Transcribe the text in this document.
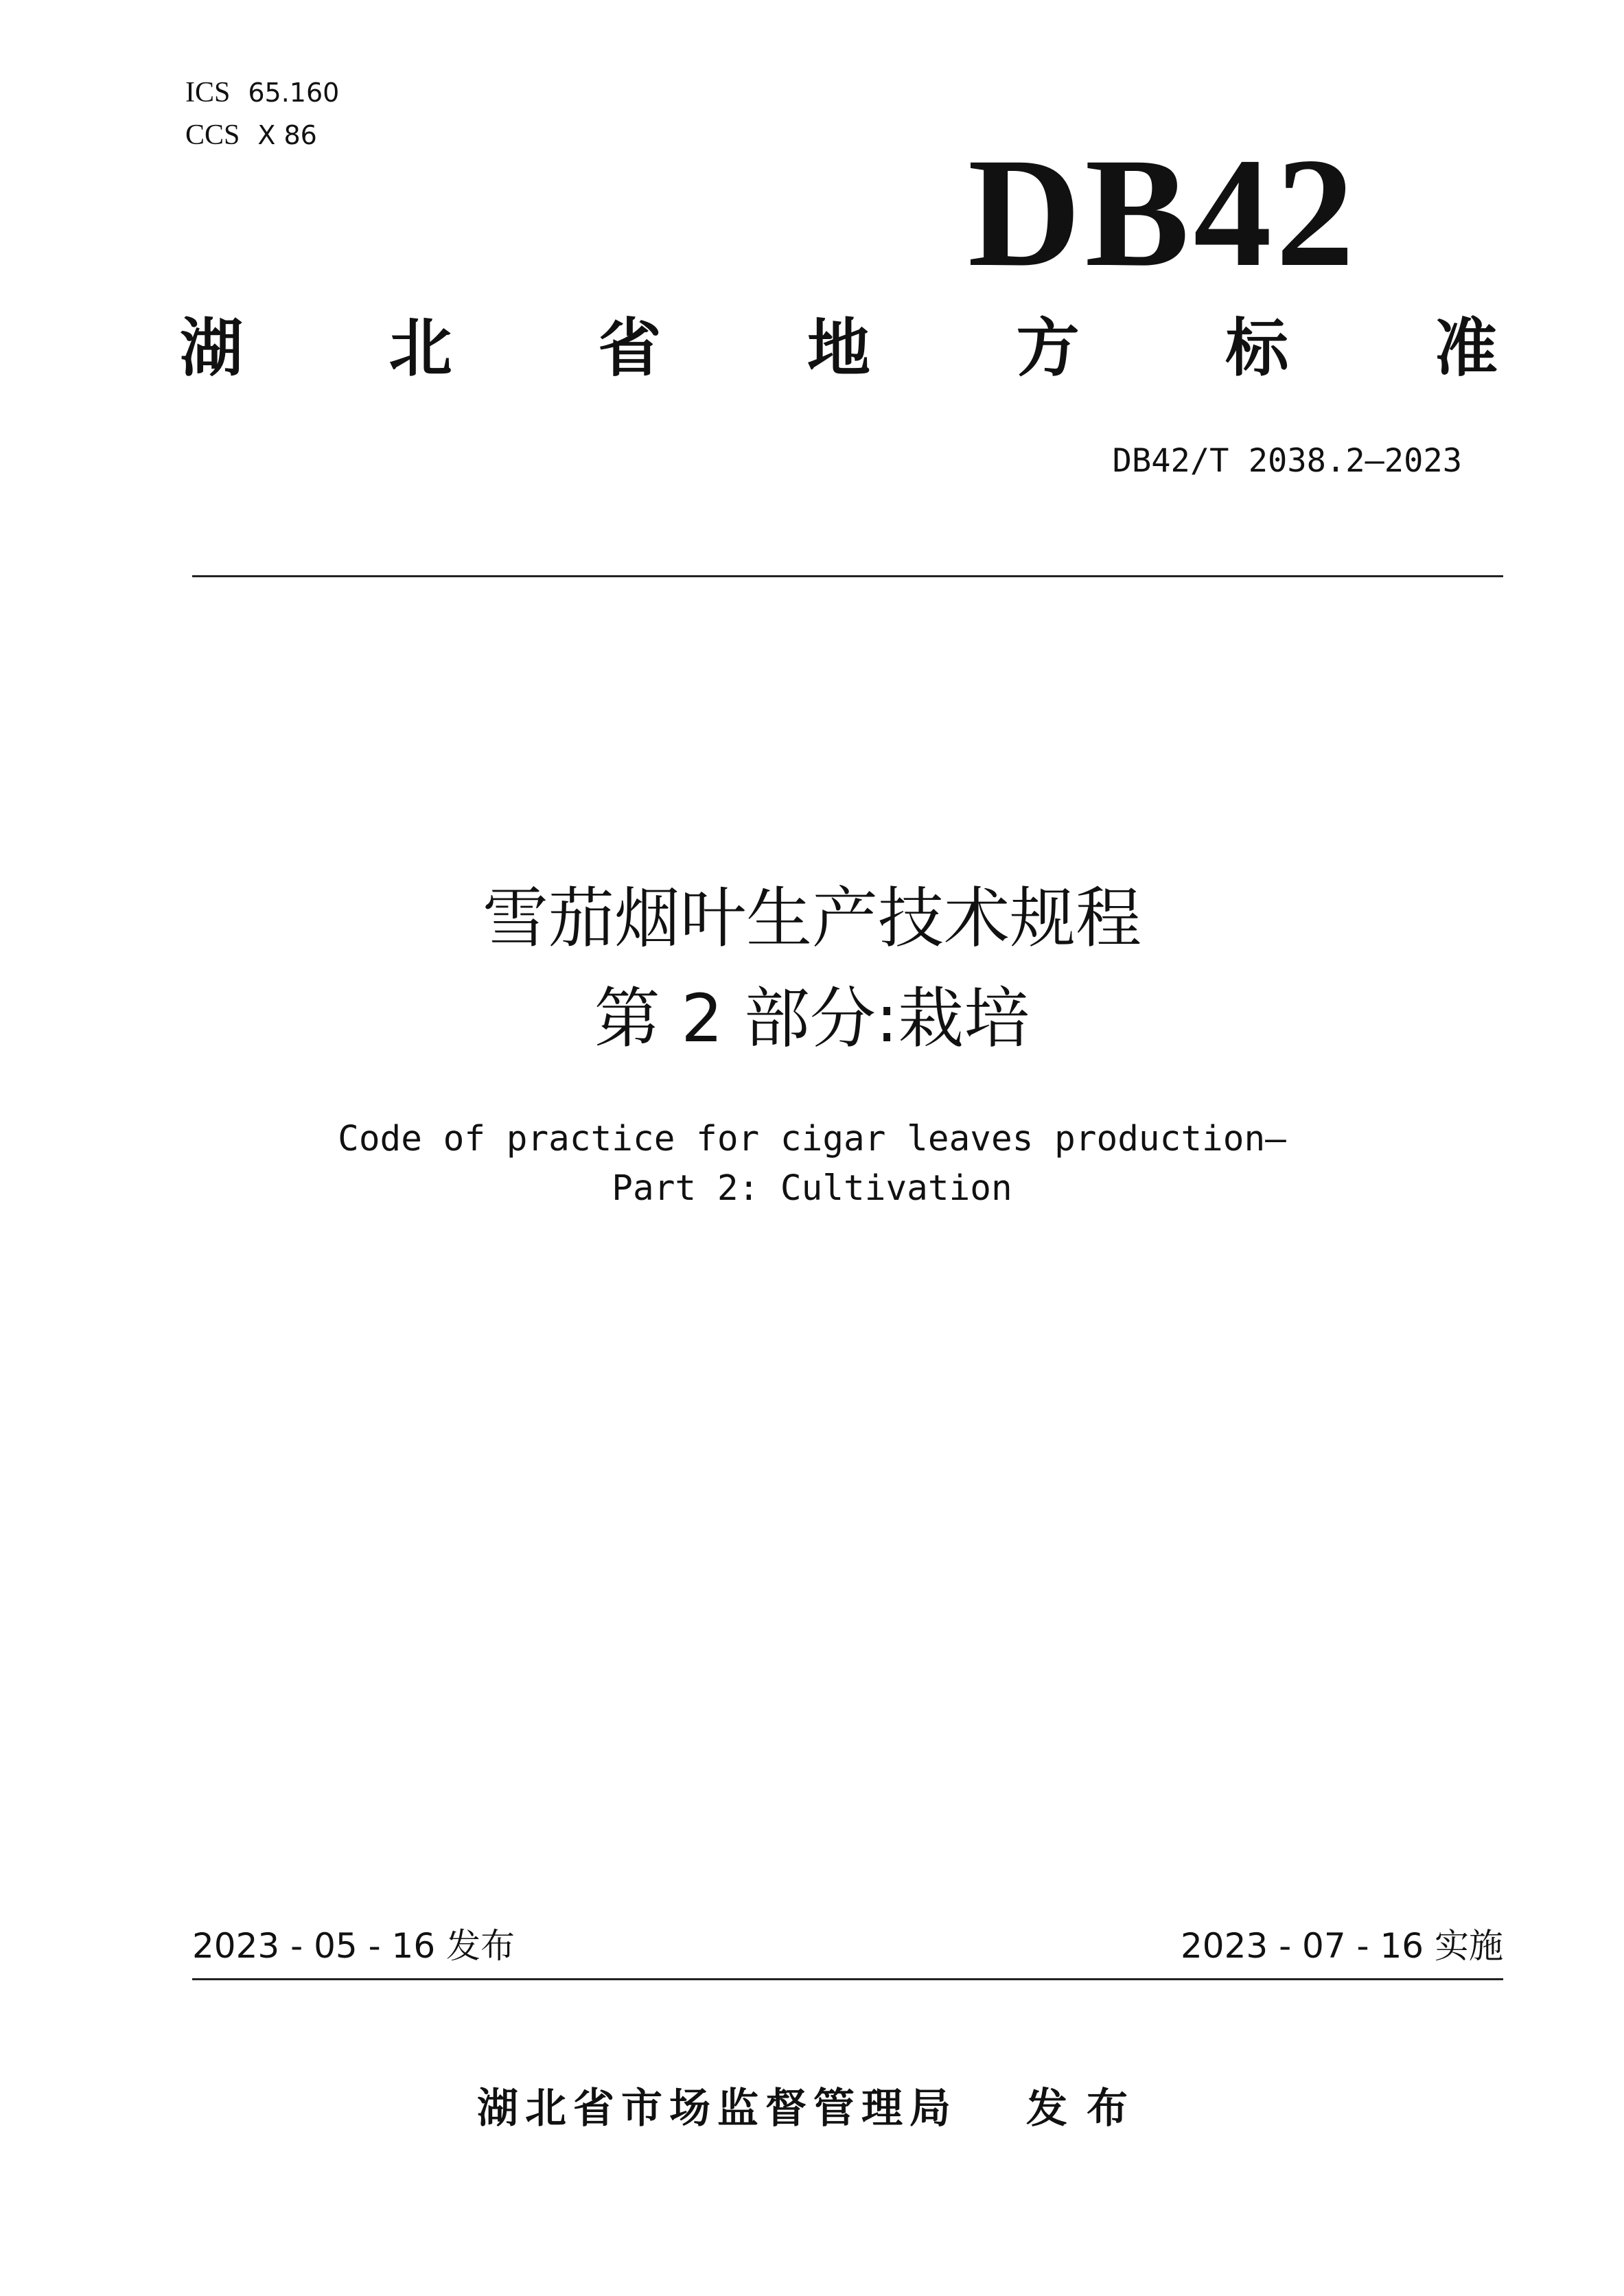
ICS 65.160
CCS X 86	DB42
湖 北 省 地 方 标 准
DB42/T 2038.2—2023
雪茄烟叶生产技术规程
第 2 部分:栽培
Code of practice for cigar leaves production—
Part 2: Cultivation
2023 - 05 - 16 发布	2023 - 07 - 16 实施
湖北省市场监督管理局 发布
